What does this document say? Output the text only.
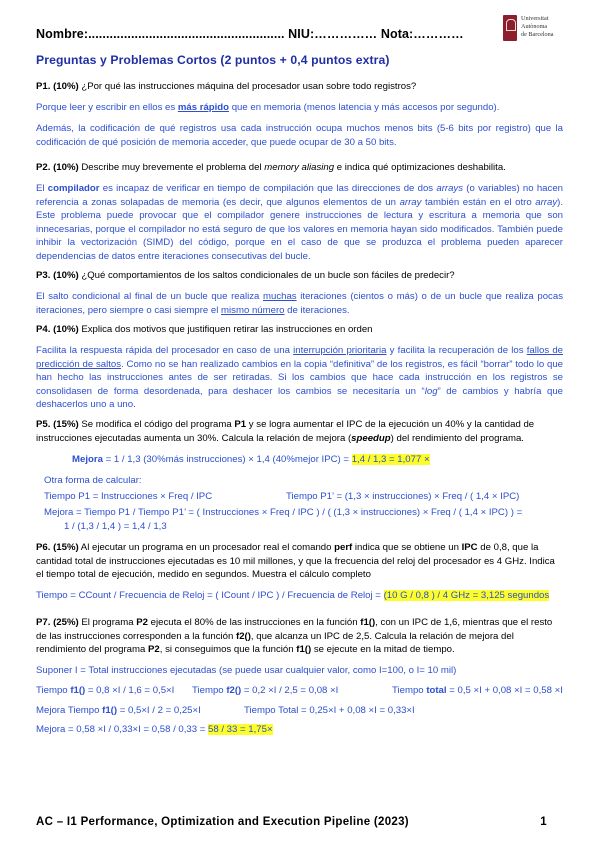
Nombre:....................................................... NIU:…………… Nota:…………
Universitat
Autònoma
de Barcelona
Preguntas y Problemas Cortos (2 puntos + 0,4 puntos extra)
P1. (10%) ¿Por qué las instrucciones máquina del procesador usan sobre todo registros?
Porque leer y escribir en ellos es más rápido que en memoria (menos latencia y más accesos por segundo).
Además, la codificación de qué registros usa cada instrucción ocupa muchos menos bits (5-6 bits por registro) que la codificación de qué posición de memoria acceder, que puede ocupar de 30 a 50 bits.
P2. (10%) Describe muy brevemente el problema del memory aliasing e indica qué optimizaciones deshabilita.
El compilador es incapaz de verificar en tiempo de compilación que las direcciones de dos arrays (o variables) no hacen referencia a zonas solapadas de memoria (es decir, que algunos elementos de un array también están en el otro array). Este problema puede provocar que el compilador genere instrucciones de lectura y escritura a memoria que son innecesarias, porque el compilador no está seguro de que los valores en memoria hayan sido modificados. También puede inhibir la vectorización (SIMD) del código, porque en el caso de que se produzca el problema pueden aparecer dependencias de datos entre iteraciones consecutivas del bucle.
P3. (10%) ¿Qué comportamientos de los saltos condicionales de un bucle son fáciles de predecir?
El salto condicional al final de un bucle que realiza muchas iteraciones (cientos o más) o de un bucle que realiza pocas iteraciones, pero siempre o casi siempre el mismo número de iteraciones.
P4. (10%) Explica dos motivos que justifiquen retirar las instrucciones en orden
Facilita la respuesta rápida del procesador en caso de una interrupción prioritaria y facilita la recuperación de los fallos de predicción de saltos. Como no se han realizado cambios en la copia “definitiva” de los registros, es fácil “borrar” todo lo que han hecho las instrucciones antes de ser retiradas. Si los cambios que hace cada instrucción en los registros se consolidasen de forma desordenada, para deshacer los cambios se necesitaría un “log” de cambios y habría que deshacerlos uno a uno.
P5. (15%) Se modifica el código del programa P1 y se logra aumentar el IPC de la ejecución un 40% y la cantidad de instrucciones ejecutadas aumenta un 30%. Calcula la relación de mejora (speedup) del rendimiento del programa.
Mejora = 1 / 1,3 (30%más instrucciones) × 1,4 (40%mejor IPC) = 1,4 / 1,3 = 1,077 ×
Otra forma de calcular:
Tiempo P1 = Instrucciones × Freq / IPC	Tiempo P1’ = (1,3 × instrucciones) × Freq / ( 1,4 × IPC)
Mejora = Tiempo P1 / Tiempo P1’ = ( Instrucciones × Freq / IPC ) / ( (1,3 × instrucciones) × Freq / ( 1,4 × IPC) ) =
1 / (1,3 / 1,4 ) = 1,4 / 1,3
P6. (15%) Al ejecutar un programa en un procesador real el comando perf indica que se obtiene un IPC de 0,8, que la cantidad total de instrucciones ejecutadas es 10 mil millones, y que la frecuencia del reloj del procesador es 4 GHz. Indica el tiempo total de ejecución, medido en segundos. Muestra el cálculo completo
Tiempo = CCount / Frecuencia de Reloj = ( ICount / IPC ) / Frecuencia de Reloj = (10 G / 0,8 ) / 4 GHz = 3,125 segundos
P7. (25%) El programa P2 ejecuta el 80% de las instrucciones en la función f1(), con un IPC de 1,6, mientras que el resto de las instrucciones corresponden a la función f2(), que alcanza un IPC de 2,5. Calcula la relación de mejora del rendimiento del programa P2, si conseguimos que la función f1() se ejecute en la mitad de tiempo.
Suponer I = Total instrucciones ejecutadas (se puede usar cualquier valor, como I=100, o I= 10 mil)
Tiempo f1() = 0,8 ×I / 1,6 = 0,5×I	Tiempo f2() = 0,2 ×I / 2,5 = 0,08 ×I	Tiempo total = 0,5 ×I + 0,08 ×I = 0,58 ×I
Mejora Tiempo f1() = 0,5×I / 2 = 0,25×I	Tiempo Total = 0,25×I + 0,08 ×I = 0,33×I
Mejora = 0,58 ×I / 0,33×I = 0,58 / 0,33 = 58 / 33 = 1,75×
AC – I1 Performance, Optimization and Execution Pipeline (2023)	1
